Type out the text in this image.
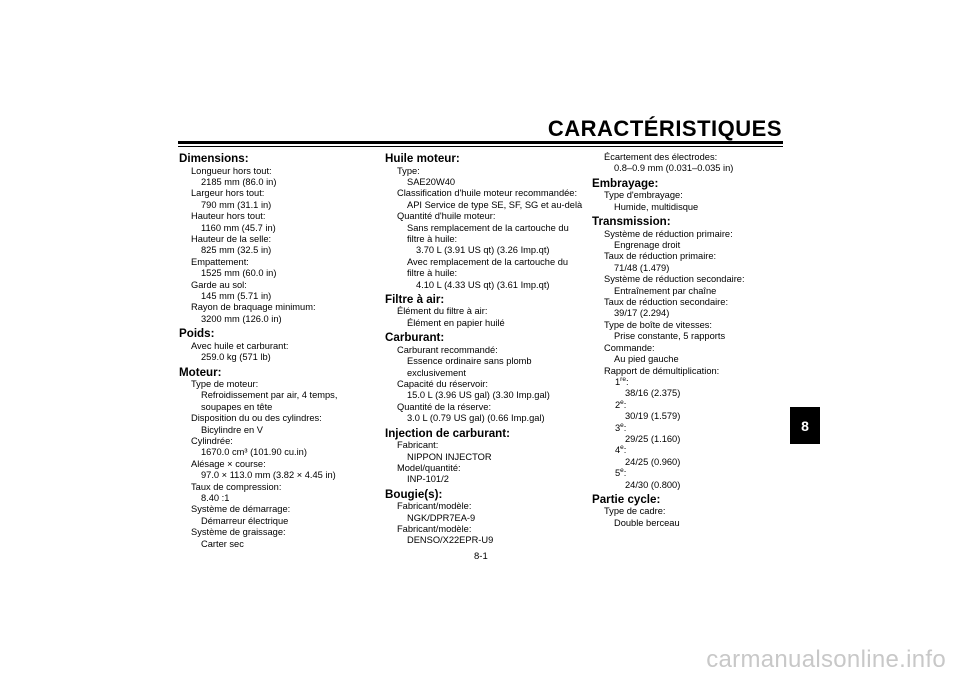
CARACTÉRISTIQUES
Dimensions:
Longueur hors tout:
2185 mm (86.0 in)
Largeur hors tout:
790 mm (31.1 in)
Hauteur hors tout:
1160 mm (45.7 in)
Hauteur de la selle:
825 mm (32.5 in)
Empattement:
1525 mm (60.0 in)
Garde au sol:
145 mm (5.71 in)
Rayon de braquage minimum:
3200 mm (126.0 in)
Poids:
Avec huile et carburant:
259.0 kg (571 lb)
Moteur:
Type de moteur:
Refroidissement par air, 4 temps,
soupapes en tête
Disposition du ou des cylindres:
Bicylindre en V
Cylindrée:
1670.0 cm³ (101.90 cu.in)
Alésage × course:
97.0 × 113.0 mm (3.82 × 4.45 in)
Taux de compression:
8.40 :1
Système de démarrage:
Démarreur électrique
Système de graissage:
Carter sec
Huile moteur:
Type:
SAE20W40
Classification d'huile moteur recommandée:
API Service de type SE, SF, SG et au-delà
Quantité d'huile moteur:
Sans remplacement de la cartouche du
filtre à huile:
3.70 L (3.91 US qt) (3.26 Imp.qt)
Avec remplacement de la cartouche du
filtre à huile:
4.10 L (4.33 US qt) (3.61 Imp.qt)
Filtre à air:
Élément du filtre à air:
Élément en papier huilé
Carburant:
Carburant recommandé:
Essence ordinaire sans plomb
exclusivement
Capacité du réservoir:
15.0 L (3.96 US gal) (3.30 Imp.gal)
Quantité de la réserve:
3.0 L (0.79 US gal) (0.66 Imp.gal)
Injection de carburant:
Fabricant:
NIPPON INJECTOR
Model/quantité:
INP-101/2
Bougie(s):
Fabricant/modèle:
NGK/DPR7EA-9
Fabricant/modèle:
DENSO/X22EPR-U9
Écartement des électrodes:
0.8–0.9 mm (0.031–0.035 in)
Embrayage:
Type d'embrayage:
Humide, multidisque
Transmission:
Système de réduction primaire:
Engrenage droit
Taux de réduction primaire:
71/48 (1.479)
Système de réduction secondaire:
Entraînement par chaîne
Taux de réduction secondaire:
39/17 (2.294)
Type de boîte de vitesses:
Prise constante, 5 rapports
Commande:
Au pied gauche
Rapport de démultiplication:
1re:
38/16 (2.375)
2e:
30/19 (1.579)
3e:
29/25 (1.160)
4e:
24/25 (0.960)
5e:
24/30 (0.800)
Partie cycle:
Type de cadre:
Double berceau
8
8-1
carmanualsonline.info
